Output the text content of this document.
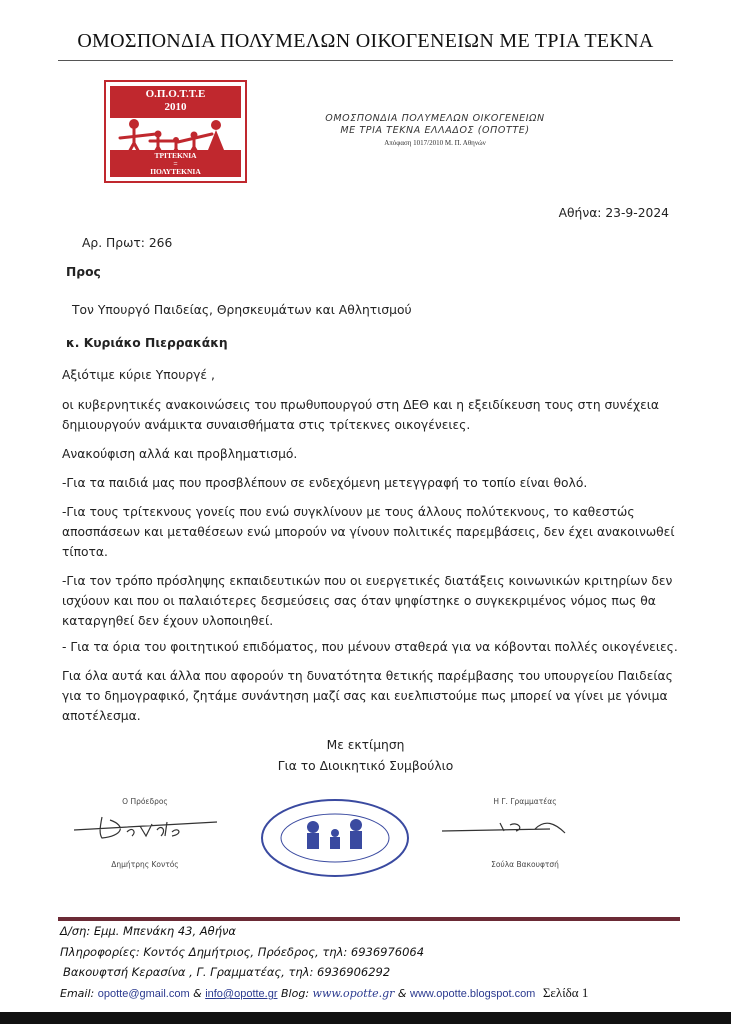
ΟΜΟΣΠΟΝΔΙΑ ΠΟΛΥΜΕΛΩΝ ΟΙΚΟΓΕΝΕΙΩΝ ΜΕ ΤΡΙΑ ΤΕΚΝΑ
Ο.Π.Ο.Τ.Τ.Ε
2010
ΤΡΙΤΕΚΝΙΑ
=
ΠΟΛΥΤΕΚΝΙΑ
ΟΜΟΣΠΟΝΔΙΑ ΠΟΛΥΜΕΛΩΝ ΟΙΚΟΓΕΝΕΙΩΝ
ΜΕ ΤΡΙΑ ΤΕΚΝΑ ΕΛΛΑΔΟΣ (ΟΠΟΤΤΕ)
Απόφαση 1017/2010 Μ. Π. Αθηνών
Αθήνα: 23-9-2024
Αρ. Πρωτ: 266
Προς
Τον Υπουργό Παιδείας, Θρησκευμάτων και Αθλητισμού
κ. Κυριάκο Πιερρακάκη
Αξιότιμε κύριε Υπουργέ ,
οι κυβερνητικές ανακοινώσεις του πρωθυπουργού στη ΔΕΘ και η εξειδίκευση τους στη συνέχεια δημιουργούν ανάμικτα συναισθήματα στις τρίτεκνες οικογένειες.
Ανακούφιση αλλά και προβληματισμό.
-Για τα παιδιά μας που προσβλέπουν σε ενδεχόμενη μετεγγραφή το τοπίο είναι θολό.
-Για τους τρίτεκνους γονείς που ενώ συγκλίνουν με τους άλλους πολύτεκνους, το καθεστώς αποσπάσεων και μεταθέσεων ενώ μπορούν να γίνουν πολιτικές παρεμβάσεις, δεν έχει ανακοινωθεί τίποτα.
-Για τον τρόπο πρόσληψης εκπαιδευτικών που οι ευεργετικές διατάξεις κοινωνικών κριτηρίων δεν ισχύουν και που οι παλαιότερες δεσμεύσεις σας όταν ψηφίστηκε ο συγκεκριμένος νόμος πως θα καταργηθεί δεν έχουν υλοποιηθεί.
- Για τα όρια του φοιτητικού επιδόματος, που μένουν σταθερά για να κόβονται πολλές οικογένειες.
Για όλα αυτά και άλλα που αφορούν τη δυνατότητα θετικής παρέμβασης του υπουργείου Παιδείας για το δημογραφικό, ζητάμε συνάντηση μαζί σας και ευελπιστούμε πως μπορεί να γίνει με γόνιμα αποτέλεσμα.
Με εκτίμηση
Για το Διοικητικό Συμβούλιο
Ο Πρόεδρος
Δημήτρης Κοντός
Η Γ. Γραμματέας
Σούλα Βακουφτσή
Δ/ση: Εμμ. Μπενάκη 43, Αθήνα
Πληροφορίες: Κοντός Δημήτριος, Πρόεδρος, τηλ: 6936976064
Βακουφτσή Κερασίνα , Γ. Γραμματέας, τηλ: 6936906292
Email: opotte@gmail.com & info@opotte.gr Blog: www.opotte.gr & www.opotte.blogspot.com Σελίδα 1
